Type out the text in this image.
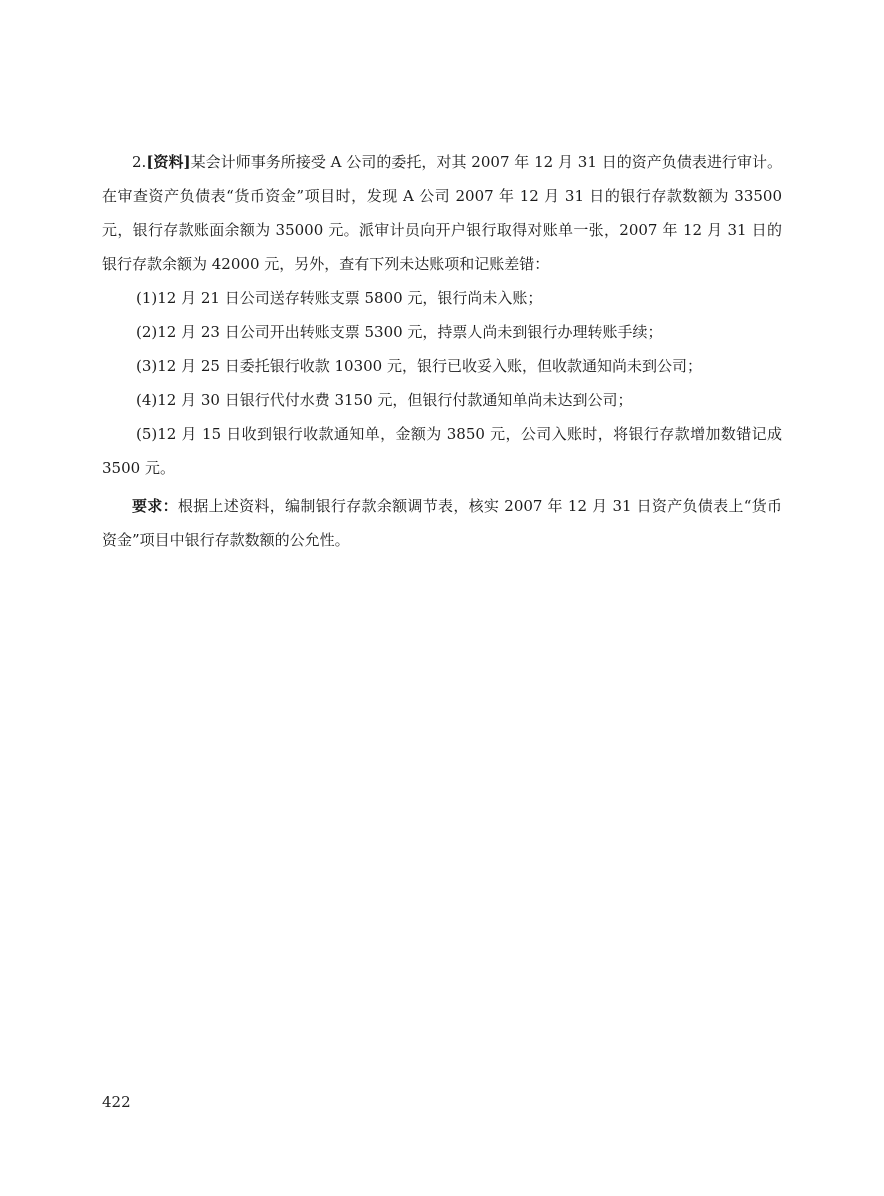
2.[资料]某会计师事务所接受 A 公司的委托，对其 2007 年 12 月 31 日的资产负债表进行审计。在审查资产负债表“货币资金”项目时，发现 A 公司 2007 年 12 月 31 日的银行存款数额为 33500 元，银行存款账面余额为 35000 元。派审计员向开户银行取得对账单一张，2007 年 12 月 31 日的银行存款余额为 42000 元，另外，查有下列未达账项和记账差错：

(1)12 月 21 日公司送存转账支票 5800 元，银行尚未入账；

(2)12 月 23 日公司开出转账支票 5300 元，持票人尚未到银行办理转账手续；

(3)12 月 25 日委托银行收款 10300 元，银行已收妥入账，但收款通知尚未到公司；

(4)12 月 30 日银行代付水费 3150 元，但银行付款通知单尚未达到公司；

(5)12 月 15 日收到银行收款通知单，金额为 3850 元，公司入账时，将银行存款增加数错记成 3500 元。

要求：根据上述资料，编制银行存款余额调节表，核实 2007 年 12 月 31 日资产负债表上“货币资金”项目中银行存款数额的公允性。

422
